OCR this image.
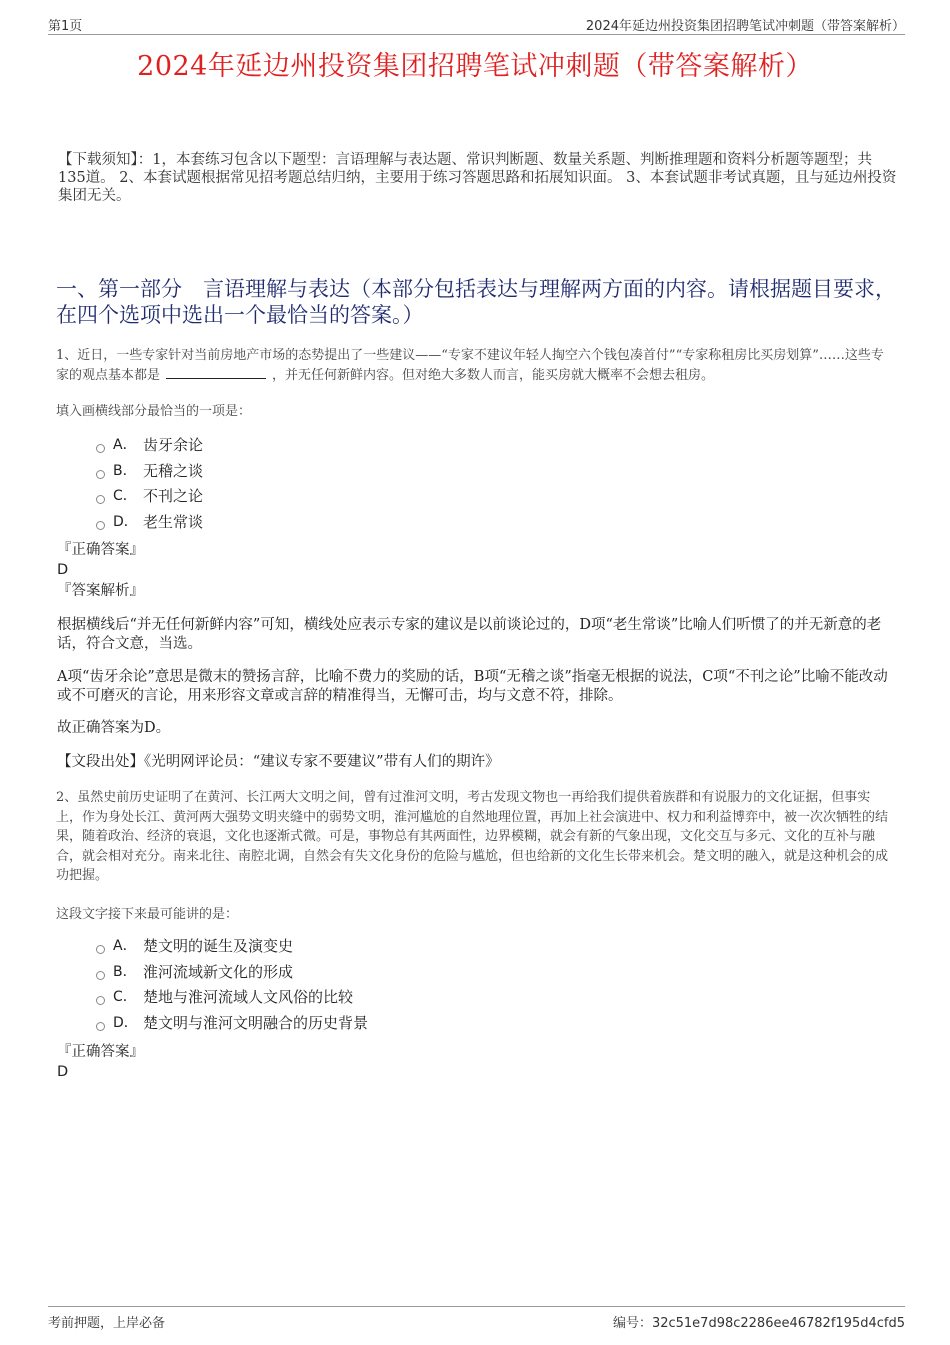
第1页	2024年延边州投资集团招聘笔试冲刺题（带答案解析）
2024年延边州投资集团招聘笔试冲刺题（带答案解析）
【下载须知】：1，本套练习包含以下题型：言语理解与表达题、常识判断题、数量关系题、判断推理题和资料分析题等题型；共135道。 2、本套试题根据常见招考题总结归纳，主要用于练习答题思路和拓展知识面。 3、本套试题非考试真题，且与延边州投资集团无关。
一、第一部分　言语理解与表达（本部分包括表达与理解两方面的内容。请根据题目要求，在四个选项中选出一个最恰当的答案。）
1、近日，一些专家针对当前房地产市场的态势提出了一些建议——“专家不建议年轻人掏空六个钱包凑首付”“专家称租房比买房划算”……这些专家的观点基本都是	，并无任何新鲜内容。但对绝大多数人而言，能买房就大概率不会想去租房。
填入画横线部分最恰当的一项是：
A． 齿牙余论
B． 无稽之谈
C． 不刊之论
D． 老生常谈
『正确答案』
D
『答案解析』
根据横线后“并无任何新鲜内容”可知，横线处应表示专家的建议是以前谈论过的，D项“老生常谈”比喻人们听惯了的并无新意的老话，符合文意，当选。
A项“齿牙余论”意思是微末的赞扬言辞，比喻不费力的奖励的话，B项“无稽之谈”指毫无根据的说法，C项“不刊之论”比喻不能改动或不可磨灭的言论，用来形容文章或言辞的精准得当，无懈可击，均与文意不符，排除。
故正确答案为D。
【文段出处】《光明网评论员：“建议专家不要建议”带有人们的期许》
2、虽然史前历史证明了在黄河、长江两大文明之间，曾有过淮河文明，考古发现文物也一再给我们提供着族群和有说服力的文化证据，但事实上，作为身处长江、黄河两大强势文明夹缝中的弱势文明，淮河尴尬的自然地理位置，再加上社会演进中、权力和利益博弈中，被一次次牺牲的结果，随着政治、经济的衰退，文化也逐渐式微。可是，事物总有其两面性，边界模糊，就会有新的气象出现，文化交互与多元、文化的互补与融合，就会相对充分。南来北往、南腔北调，自然会有失文化身份的危险与尴尬，但也给新的文化生长带来机会。楚文明的融入，就是这种机会的成功把握。
这段文字接下来最可能讲的是：
A． 楚文明的诞生及演变史
B． 淮河流域新文化的形成
C． 楚地与淮河流域人文风俗的比较
D． 楚文明与淮河文明融合的历史背景
『正确答案』
D
考前押题，上岸必备	编号：32c51e7d98c2286ee46782f195d4cfd5
